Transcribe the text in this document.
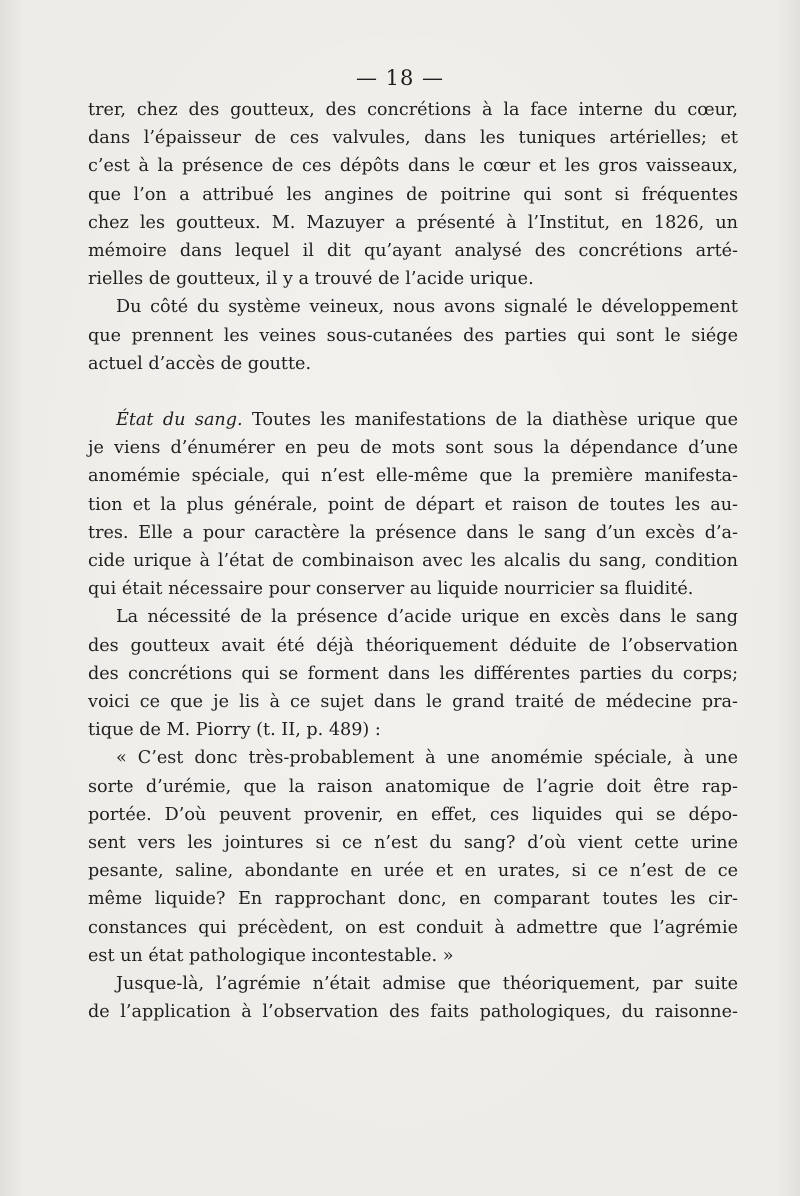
— 18 —

trer, chez des goutteux, des concrétions à la face interne du cœur,
dans l’épaisseur de ces valvules, dans les tuniques artérielles; et
c’est à la présence de ces dépôts dans le cœur et les gros vaisseaux,
que l’on a attribué les angines de poitrine qui sont si fréquentes
chez les goutteux. M. Mazuyer a présenté à l’Institut, en 1826, un
mémoire dans lequel il dit qu’ayant analysé des concrétions arté-
rielles de goutteux, il y a trouvé de l’acide urique.

Du côté du système veineux, nous avons signalé le développement
que prennent les veines sous-cutanées des parties qui sont le siége
actuel d’accès de goutte.

État du sang. Toutes les manifestations de la diathèse urique que
je viens d’énumérer en peu de mots sont sous la dépendance d’une
anomémie spéciale, qui n’est elle-même que la première manifesta-
tion et la plus générale, point de départ et raison de toutes les au-
tres. Elle a pour caractère la présence dans le sang d’un excès d’a-
cide urique à l’état de combinaison avec les alcalis du sang, condition
qui était nécessaire pour conserver au liquide nourricier sa fluidité.

La nécessité de la présence d’acide urique en excès dans le sang
des goutteux avait été déjà théoriquement déduite de l’observation
des concrétions qui se forment dans les différentes parties du corps;
voici ce que je lis à ce sujet dans le grand traité de médecine pra-
tique de M. Piorry (t. II, p. 489) :

« C’est donc très-probablement à une anomémie spéciale, à une
sorte d’urémie, que la raison anatomique de l’agrie doit être rap-
portée. D’où peuvent provenir, en effet, ces liquides qui se dépo-
sent vers les jointures si ce n’est du sang? d’où vient cette urine
pesante, saline, abondante en urée et en urates, si ce n’est de ce
même liquide? En rapprochant donc, en comparant toutes les cir-
constances qui précèdent, on est conduit à admettre que l’agrémie
est un état pathologique incontestable. »

Jusque-là, l’agrémie n’était admise que théoriquement, par suite
de l’application à l’observation des faits pathologiques, du raisonne-
